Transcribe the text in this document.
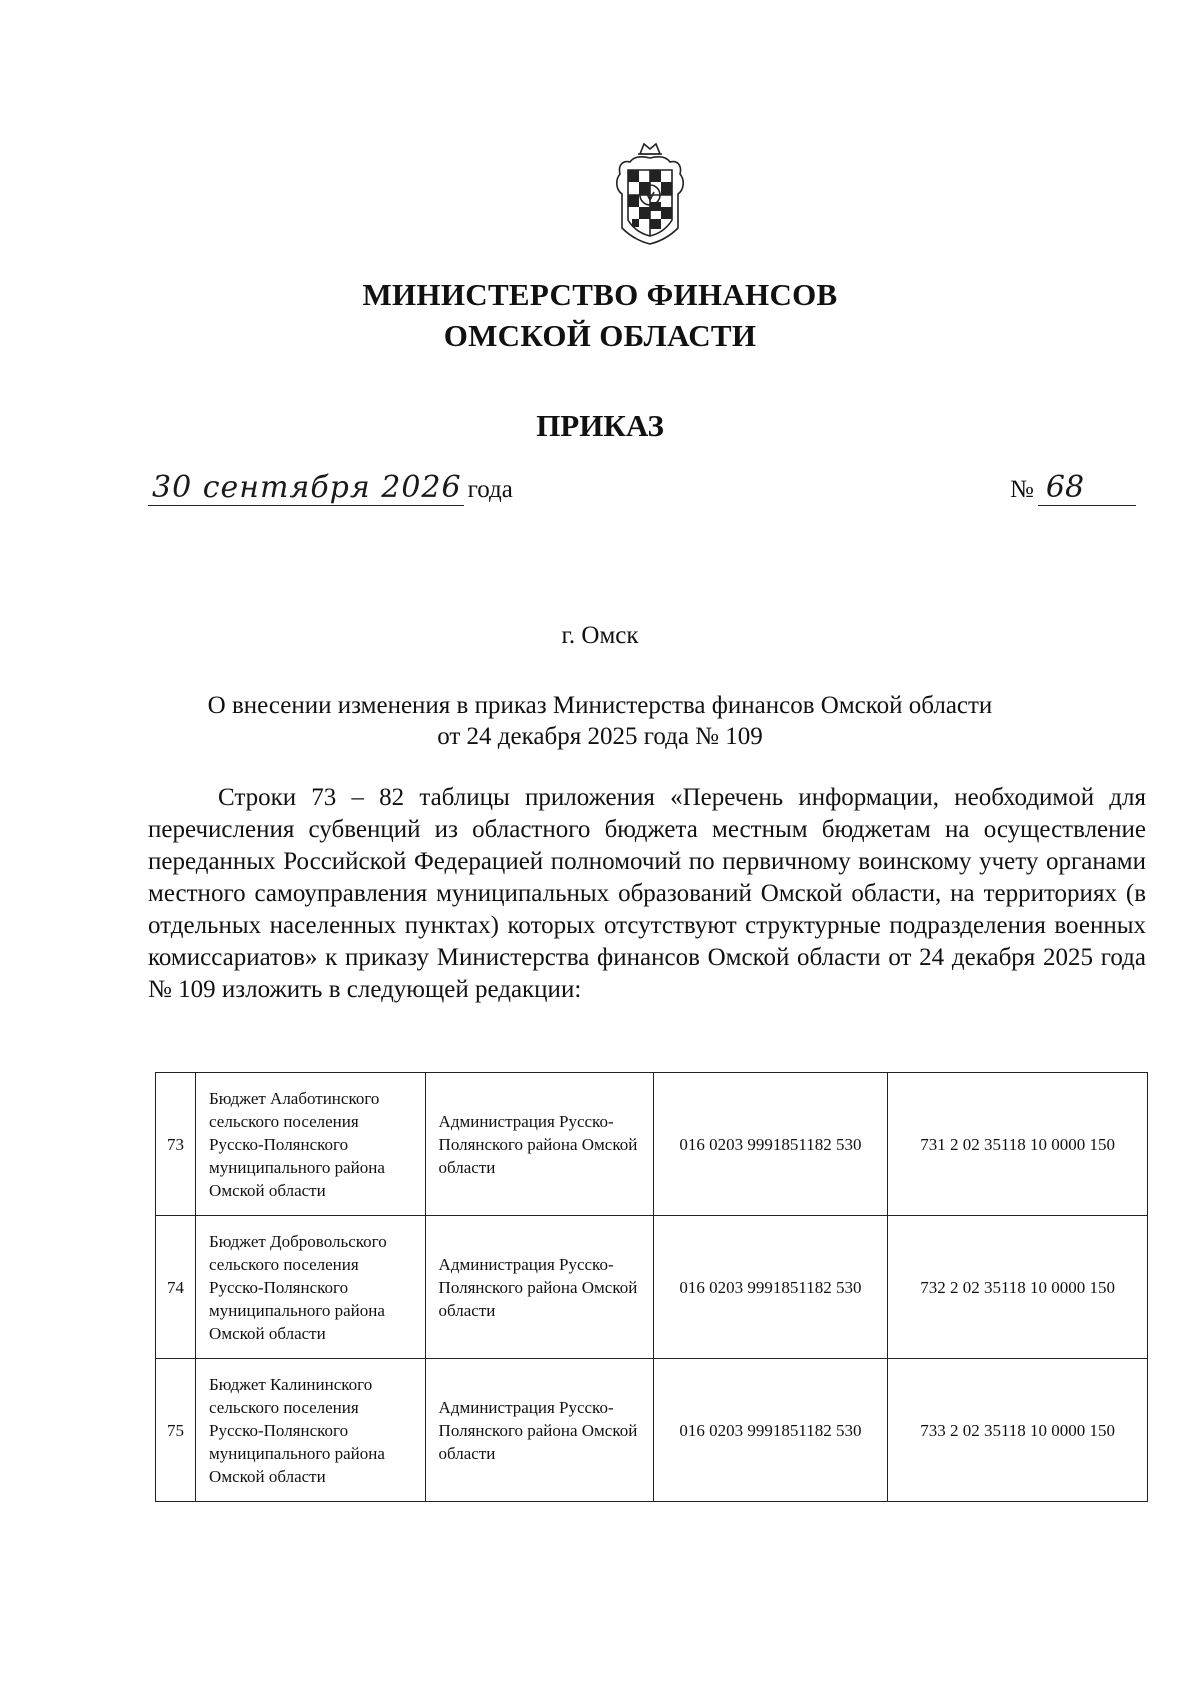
МИНИСТЕРСТВО ФИНАНСОВ
ОМСКОЙ ОБЛАСТИ
ПРИКАЗ
30 сентября 2026 года	№ 68
г. Омск
О внесении изменения в приказ Министерства финансов Омской области
от 24 декабря 2025 года № 109

Строки 73 – 82 таблицы приложения «Перечень информации, необходимой для перечисления субвенций из областного бюджета местным бюджетам на осуществление переданных Российской Федерацией полномочий по первичному воинскому учету органами местного самоуправления муниципальных образований Омской области, на территориях (в отдельных населенных пунктах) которых отсутствуют структурные подразделения военных комиссариатов» к приказу Министерства финансов Омской области от 24 декабря 2025 года № 109 изложить в следующей редакции:

73	Бюджет Алаботинского сельского поселения Русско-Полянского муниципального района Омской области	Администрация Русско-Полянского района Омской области	016 0203 9991851182 530	731 2 02 35118 10 0000 150
74	Бюджет Добровольского сельского поселения Русско-Полянского муниципального района Омской области	Администрация Русско-Полянского района Омской области	016 0203 9991851182 530	732 2 02 35118 10 0000 150
75	Бюджет Калининского сельского поселения Русско-Полянского муниципального района Омской области	Администрация Русско-Полянского района Омской области	016 0203 9991851182 530	733 2 02 35118 10 0000 150
